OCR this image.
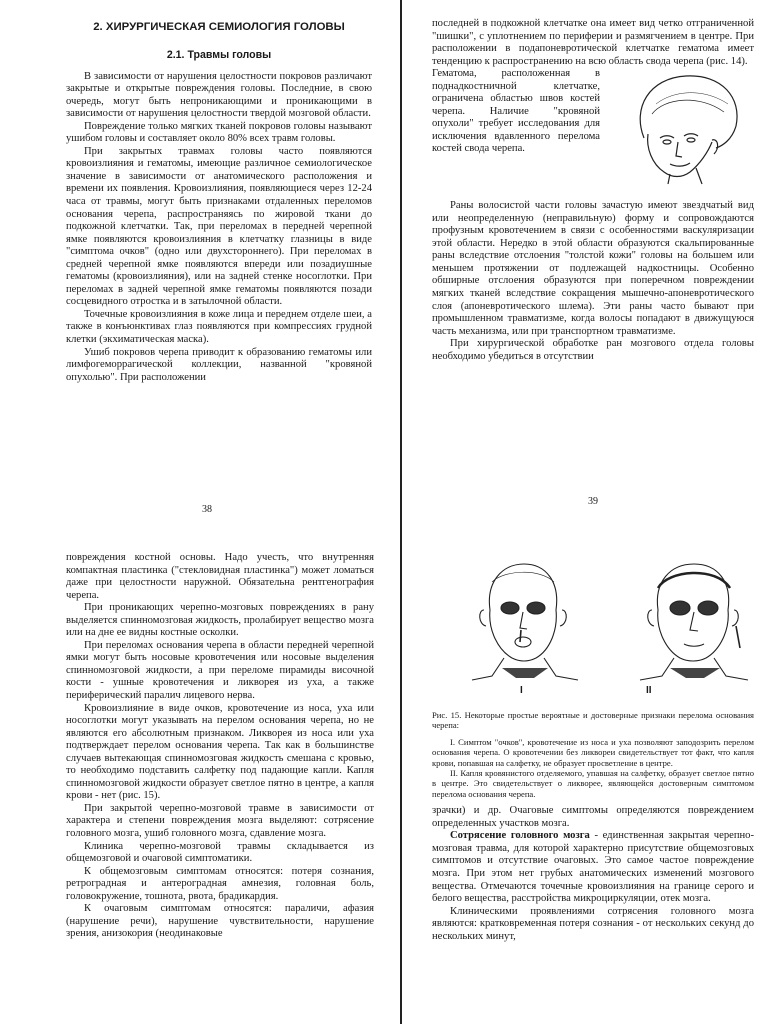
2. ХИРУРГИЧЕСКАЯ СЕМИОЛОГИЯ ГОЛОВЫ
2.1. Травмы головы

В зависимости от нарушения целостности покровов различают закрытые и открытые повреждения головы. Последние, в свою очередь, могут быть непроникающими и проникающими в зависимости от нарушения целостности твердой мозговой области.

Повреждение только мягких тканей покровов головы называют ушибом головы и составляет около 80% всех травм головы.

При закрытых травмах головы часто появляются кровоизлияния и гематомы, имеющие различное семиологическое значение в зависимости от анатомического расположения и времени их появления. Кровоизлияния, появляющиеся через 12-24 часа от травмы, могут быть признаками отдаленных переломов основания черепа, распространяясь по жировой ткани до подкожной клетчатки. Так, при переломах в передней черепной ямке появляются кровоизлияния в клетчатку глазницы в виде "симптома очков" (одно или двухстороннего). При переломах в средней черепной ямке появляются впереди или позадиушные гематомы (кровоизлияния), или на задней стенке носоглотки. При переломах в задней черепной ямке гематомы появляются позади сосцевидного отростка и в затылочной области.

Точечные кровоизлияния в коже лица и переднем отделе шеи, а также в конъюнктивах глаз появляются при компрессиях грудной клетки (экхиматическая маска).

Ушиб покровов черепа приводит к образованию гематомы или лимфогеморрагической коллекции, названной "кровяной опухолью". При расположении

38

последней в подкожной клетчатке она имеет вид четко отграниченной "шишки", с уплотнением по периферии и размягчением в центре. При расположении в подапоневротической клетчатке гематома имеет тенденцию к распространению на всю область свода черепа (рис. 14).

Гематома, расположенная в поднадкостничной клетчатке, ограничена областью швов костей черепа. Наличие "кровяной опухоли" требует исследования для исключения вдавленного перелома костей свода черепа.

Раны волосистой части головы зачастую имеют звездчатый вид или неопределенную (неправильную) форму и сопровождаются профузным кровотечением в связи с особенностями васкуляризации этой области. Нередко в этой области образуются скальпированные раны вследствие отслоения "толстой кожи" головы на большем или меньшем протяжении от подлежащей надкостницы. Особенно обширные отслоения образуются при поперечном повреждении мягких тканей вследствие сокращения мышечно-апоневротического слоя (апоневротического шлема). Эти раны часто бывают при промышленном травматизме, когда волосы попадают в движущуюся часть механизма, или при транспортном травматизме.

При хирургической обработке ран мозгового отдела головы необходимо убедиться в отсутствии

39

повреждения костной основы. Надо учесть, что внутренняя компактная пластинка ("стекловидная пластинка") может ломаться даже при целостности наружной. Обязательна рентгенография черепа.

При проникающих черепно-мозговых повреждениях в рану выделяется спинномозговая жидкость, пролабирует вещество мозга или на дне ее видны костные осколки.

При переломах основания черепа в области передней черепной ямки могут быть носовые кровотечения или носовые выделения спинномозговой жидкости, а при переломе пирамиды височной кости - ушные кровотечения и ликворея из уха, а также периферический паралич лицевого нерва.

Кровоизлияние в виде очков, кровотечение из носа, уха или носоглотки могут указывать на перелом основания черепа, но не являются его абсолютным признаком. Ликворея из носа или уха подтверждает перелом основания черепа. Так как в большинстве случаев вытекающая спинномозговая жидкость смешана с кровью, то необходимо подставить салфетку под падающие капли. Капля спинномозговой жидкости образует светлое пятно в центре, а капля крови - нет (рис. 15).

При закрытой черепно-мозговой травме в зависимости от характера и степени повреждения мозга выделяют: сотрясение головного мозга, ушиб головного мозга, сдавление мозга.

Клиника черепно-мозговой травмы складывается из общемозговой и очаговой симптоматики.

К общемозговым симптомам относятся: потеря сознания, ретроградная и антероградная амнезия, головная боль, головокружение, тошнота, рвота, брадикардия.

К очаговым симптомам относятся: параличи, афазия (нарушение речи), нарушение чувствительности, нарушение зрения, анизокория (неодинаковые

I	II

Рис. 15. Некоторые простые вероятные и достоверные признаки перелома основания черепа:

I. Симптом "очков", кровотечение из носа и уха позволяют заподозрить перелом основания черепа. О кровотечении без ликвореи свидетельствует тот факт, что капля крови, попавшая на салфетку, не образует просветление в центре.

II. Капля кровянистого отделяемого, упавшая на салфетку, образует светлое пятно в центре. Это свидетельствует о ликворее, являющейся достоверным симптомом перелома основания черепа.

зрачки) и др. Очаговые симптомы определяются повреждением определенных участков мозга.

Сотрясение головного мозга - единственная закрытая черепно-мозговая травма, для которой характерно присутствие общемозговых симптомов и отсутствие очаговых. Это самое частое повреждение мозга. При этом нет грубых анатомических изменений мозгового вещества. Отмечаются точечные кровоизлияния на границе серого и белого вещества, расстройства микроциркуляции, отек мозга.

Клиническими проявлениями сотрясения головного мозга являются: кратковременная потеря сознания - от нескольких секунд до нескольких минут,
